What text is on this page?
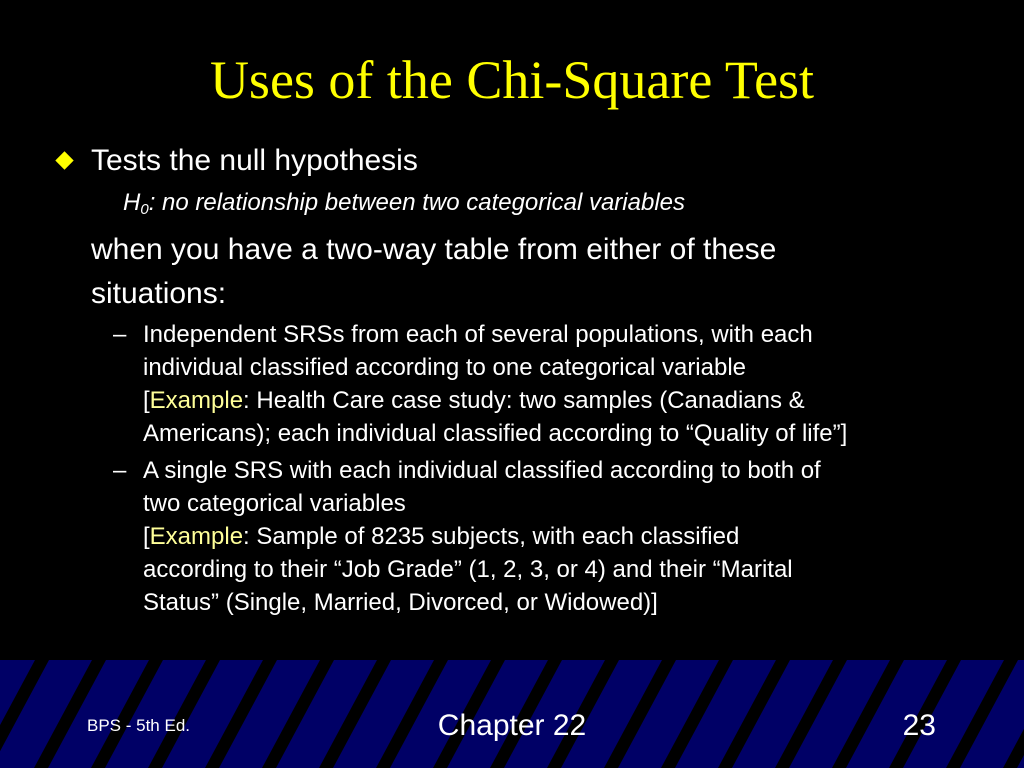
Uses of the Chi-Square Test
Tests the null hypothesis
$H_0$: no relationship between two categorical variables
when you have a two-way table from either of these
situations:
– Independent SRSs from each of several populations, with each
individual classified according to one categorical variable
[Example: Health Care case study: two samples (Canadians &
Americans); each individual classified according to “Quality of life”]
– A single SRS with each individual classified according to both of
two categorical variables
[Example: Sample of 8235 subjects, with each classified
according to their “Job Grade” (1, 2, 3, or 4) and their “Marital
Status” (Single, Married, Divorced, or Widowed)]
BPS - 5th Ed.	Chapter 22	23
